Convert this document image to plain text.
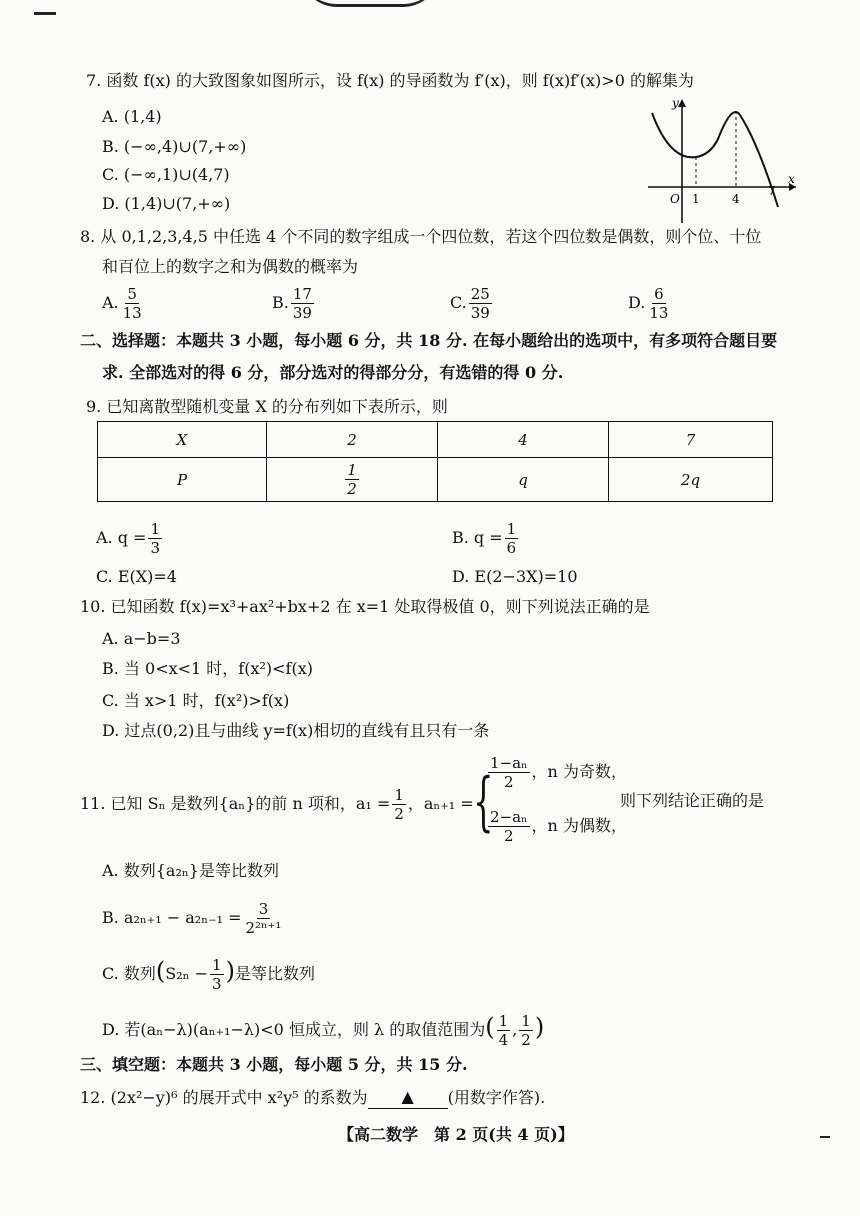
7. 函数 f(x) 的大致图象如图所示，设 f(x) 的导函数为 f′(x)，则 f(x)f′(x)>0 的解集为
A. (1,4)
B. (−∞,4)∪(7,+∞)
C. (−∞,1)∪(4,7)
D. (1,4)∪(7,+∞)	O 1	4
7
x
y
8. 从 0,1,2,3,4,5 中任选 4 个不同的数字组成一个四位数，若这个四位数是偶数，则个位、十位
和百位上的数字之和为偶数的概率为
A. $\frac{5}{13}$	B. $\frac{17}{39}$	C. $\frac{25}{39}$	D. $\frac{6}{13}$
二、选择题：本题共 3 小题，每小题 6 分，共 18 分. 在每小题给出的选项中，有多项符合题目要
求. 全部选对的得 6 分，部分选对的得部分分，有选错的得 0 分.
9. 已知离散型随机变量 X 的分布列如下表所示，则
X	2	4	7
P	$\frac{1}{2}$	q	2q
A. $q = \frac{1}{3}$	B. $q = \frac{1}{6}$
C. E(X)=4	D. E(2−3X)=10
10. 已知函数 f(x)=x³+ax²+bx+2 在 x=1 处取得极值 0，则下列说法正确的是
A. a−b=3
B. 当 0<x<1 时，f(x²)<f(x)
C. 当 x>1 时，f(x²)>f(x)
D. 过点(0,2)且与曲线 y=f(x)相切的直线有且只有一条
11. 已知 Sₙ 是数列{aₙ}的前 n 项和，$a_1 = \frac{1}{2}$ ，aₙ₊₁ = {
$\frac{\text{1−aₙ}}{2}$ ，n 为奇数，
$\frac{\text{2−aₙ}}{2}$ ，n 为偶数，
则下列结论正确的是
A. 数列{a₂ₙ}是等比数列
B. $a_{2n+1} - a_{2n-1} = \frac{3}{\text{2²ⁿ⁺¹}}$
C. 数列($S_{2n} - \frac{1}{3}$ )是等比数列
D. 若(aₙ−λ)(aₙ₊₁−λ)<0 恒成立，则 λ 的取值范围为( $\frac{1}{4}$ , $\frac{1}{2}$ )
三、填空题：本题共 3 小题，每小题 5 分，共 15 分.
12. (2x²−y)⁶ 的展开式中 x²y⁵ 的系数为 ▲ (用数字作答).
【高二数学　第 2 页(共 4 页)】
